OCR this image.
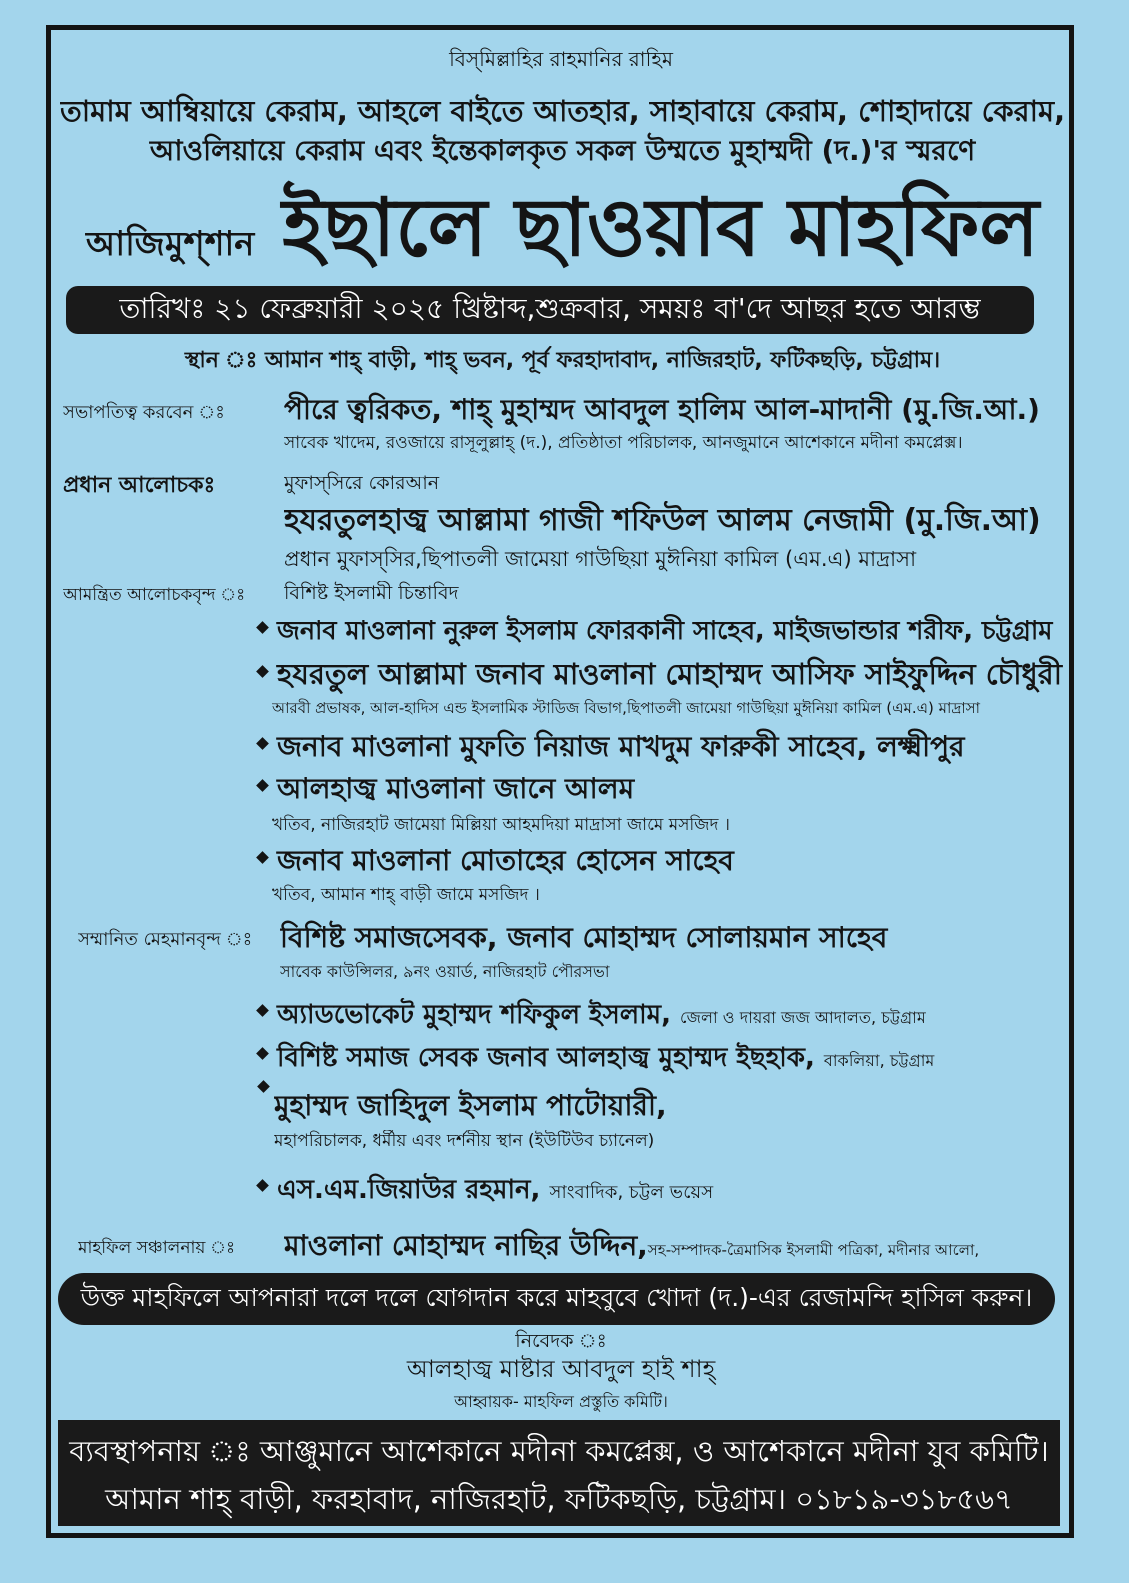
বিস্‌মিল্লাহির রাহমানির রাহিম
তামাম আম্বিয়ায়ে কেরাম, আহলে বাইতে আতহার, সাহাবায়ে কেরাম, শোহাদায়ে কেরাম,
আওলিয়ায়ে কেরাম এবং ইন্তেকালকৃত সকল উম্মতে মুহাম্মদী (দ.)'র স্মরণে
আজিমুশ্‌শান ইছালে ছাওয়াব মাহফিল
তারিখঃ ২১ ফেব্রুয়ারী ২০২৫ খ্রিষ্টাব্দ,শুক্রবার, সময়ঃ বা'দে আছর হতে আরম্ভ
স্থান ঃ আমান শাহ্‌ বাড়ী, শাহ্‌ ভবন, পূর্ব ফরহাদাবাদ, নাজিরহাট, ফটিকছড়ি, চট্টগ্রাম।
সভাপতিত্ব করবেন ঃ	পীরে ত্বরিকত, শাহ্‌ মুহাম্মদ আবদুল হালিম আল-মাদানী (মু.জি.আ.)
সাবেক খাদেম, রওজায়ে রাসূলুল্লাহ্‌ (দ.), প্রতিষ্ঠাতা পরিচালক, আনজুমানে আশেকানে মদীনা কমপ্লেক্স।
প্রধান আলোচকঃ	মুফাস্‌সিরে কোরআন
হযরতুলহাজ্ব আল্লামা গাজী শফিউল আলম নেজামী (মু.জি.আ)
প্রধান মুফাস্‌সির,ছিপাতলী জামেয়া গাউছিয়া মুঈনিয়া কামিল (এম.এ) মাদ্রাসা
আমন্ত্রিত আলোচকবৃন্দ ঃ	বিশিষ্ট ইসলামী চিন্তাবিদ
জনাব মাওলানা নুরুল ইসলাম ফোরকানী সাহেব, মাইজভান্ডার শরীফ, চট্টগ্রাম
হযরতুল আল্লামা জনাব মাওলানা মোহাম্মদ আসিফ সাইফুদ্দিন চৌধুরী
আরবী প্রভাষক, আল-হাদিস এন্ড ইসলামিক স্টাডিজ বিভাগ,ছিপাতলী জামেয়া গাউছিয়া মুঈনিয়া কামিল (এম.এ) মাদ্রাসা
জনাব মাওলানা মুফতি নিয়াজ মাখদুম ফারুকী সাহেব, লক্ষ্মীপুর
আলহাজ্ব মাওলানা জানে আলম
খতিব, নাজিরহাট জামেয়া মিল্লিয়া আহমদিয়া মাদ্রাসা জামে মসজিদ ।
জনাব মাওলানা মোতাহের হোসেন সাহেব
খতিব, আমান শাহ্‌ বাড়ী জামে মসজিদ ।
সম্মানিত মেহমানবৃন্দ ঃ বিশিষ্ট সমাজসেবক, জনাব মোহাম্মদ সোলায়মান সাহেব
সাবেক কাউন্সিলর, ৯নং ওয়ার্ড, নাজিরহাট পৌরসভা
অ্যাডভোকেট মুহাম্মদ শফিকুল ইসলাম, জেলা ও দায়রা জজ আদালত, চট্টগ্রাম
বিশিষ্ট সমাজ সেবক জনাব আলহাজ্ব মুহাম্মদ ইছহাক, বাকলিয়া, চট্টগ্রাম
মুহাম্মদ জাহিদুল ইসলাম পাটোয়ারী,
মহাপরিচালক, ধর্মীয় এবং দর্শনীয় স্থান (ইউটিউব চ্যানেল)
এস.এম.জিয়াউর রহমান, সাংবাদিক, চট্টল ভয়েস
মাহফিল সঞ্চালনায় ঃ	মাওলানা মোহাম্মদ নাছির উদ্দিন,সহ-সম্পাদক-ত্রৈমাসিক ইসলামী পত্রিকা, মদীনার আলো,
উক্ত মাহফিলে আপনারা দলে দলে যোগদান করে মাহবুবে খোদা (দ.)-এর রেজামন্দি হাসিল করুন।
নিবেদক ঃ
আলহাজ্ব মাষ্টার আবদুল হাই শাহ্‌
আহ্বায়ক- মাহফিল প্রস্তুতি কমিটি।
ব্যবস্থাপনায় ঃ আঞ্জুমানে আশেকানে মদীনা কমপ্লেক্স, ও আশেকানে মদীনা যুব কমিটি।
আমান শাহ্‌ বাড়ী, ফরহাবাদ, নাজিরহাট, ফটিকছড়ি, চট্টগ্রাম। ০১৮১৯-৩১৮৫৬৭
